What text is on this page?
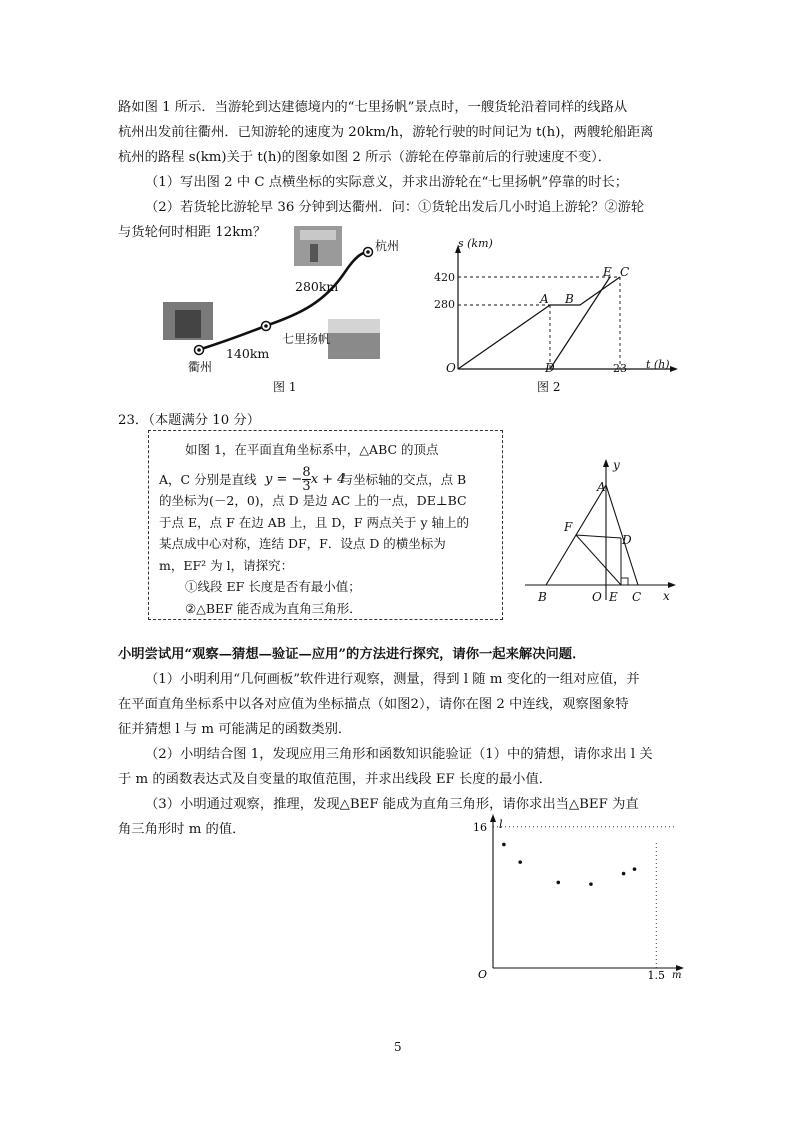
路如图 1 所示．当游轮到达建德境内的“七里扬帆”景点时，一艘货轮沿着同样的线路从
杭州出发前往衢州．已知游轮的速度为 20km/h，游轮行驶的时间记为 t(h)，两艘轮船距离
杭州的路程 s(km)关于 t(h)的图象如图 2 所示（游轮在停靠前后的行驶速度不变）．
（1）写出图 2 中 C 点横坐标的实际意义，并求出游轮在“七里扬帆”停靠的时长；
（2）若货轮比游轮早 36 分钟到达衢州．问：①货轮出发后几小时追上游轮？②游轮
与货轮何时相距 12km？
杭州
280km
七里扬帆
140km
衢州
图 1
s (km)
420
280
E C
A B
O	D	23 t (h)
图 2
23．（本题满分 10 分）
如图 1，在平面直角坐标系中，△ABC 的顶点
A，C 分别是直线	与坐标轴的交点，点 B
的坐标为(－2，0)，点 D 是边 AC 上的一点，DE⊥BC
于点 E，点 F 在边 AB 上，且 D，F 两点关于 y 轴上的
某点成中心对称，连结 DF，F．设点 D 的横坐标为
m，EF² 为 l，请探究：
①线段 EF 长度是否有最小值；
②△BEF 能否成为直角三角形．
y = − $\frac{8}{3}$ x + 4
y
A
F
D
B	O E C x
小明尝试用“观察—猜想—验证—应用”的方法进行探究，请你一起来解决问题．
（1）小明利用“几何画板”软件进行观察，测量，得到 l 随 m 变化的一组对应值，并
在平面直角坐标系中以各对应值为坐标描点（如图2），请你在图 2 中连线，观察图象特
征并猜想 l 与 m 可能满足的函数类别．
（2）小明结合图 1，发现应用三角形和函数知识能验证（1）中的猜想，请你求出 l 关
于 m 的函数表达式及自变量的取值范围，并求出线段 EF 长度的最小值．
（3）小明通过观察，推理，发现△BEF 能成为直角三角形，请你求出当△BEF 为直
角三角形时 m 的值．	16
1.5
O
l
m
5
